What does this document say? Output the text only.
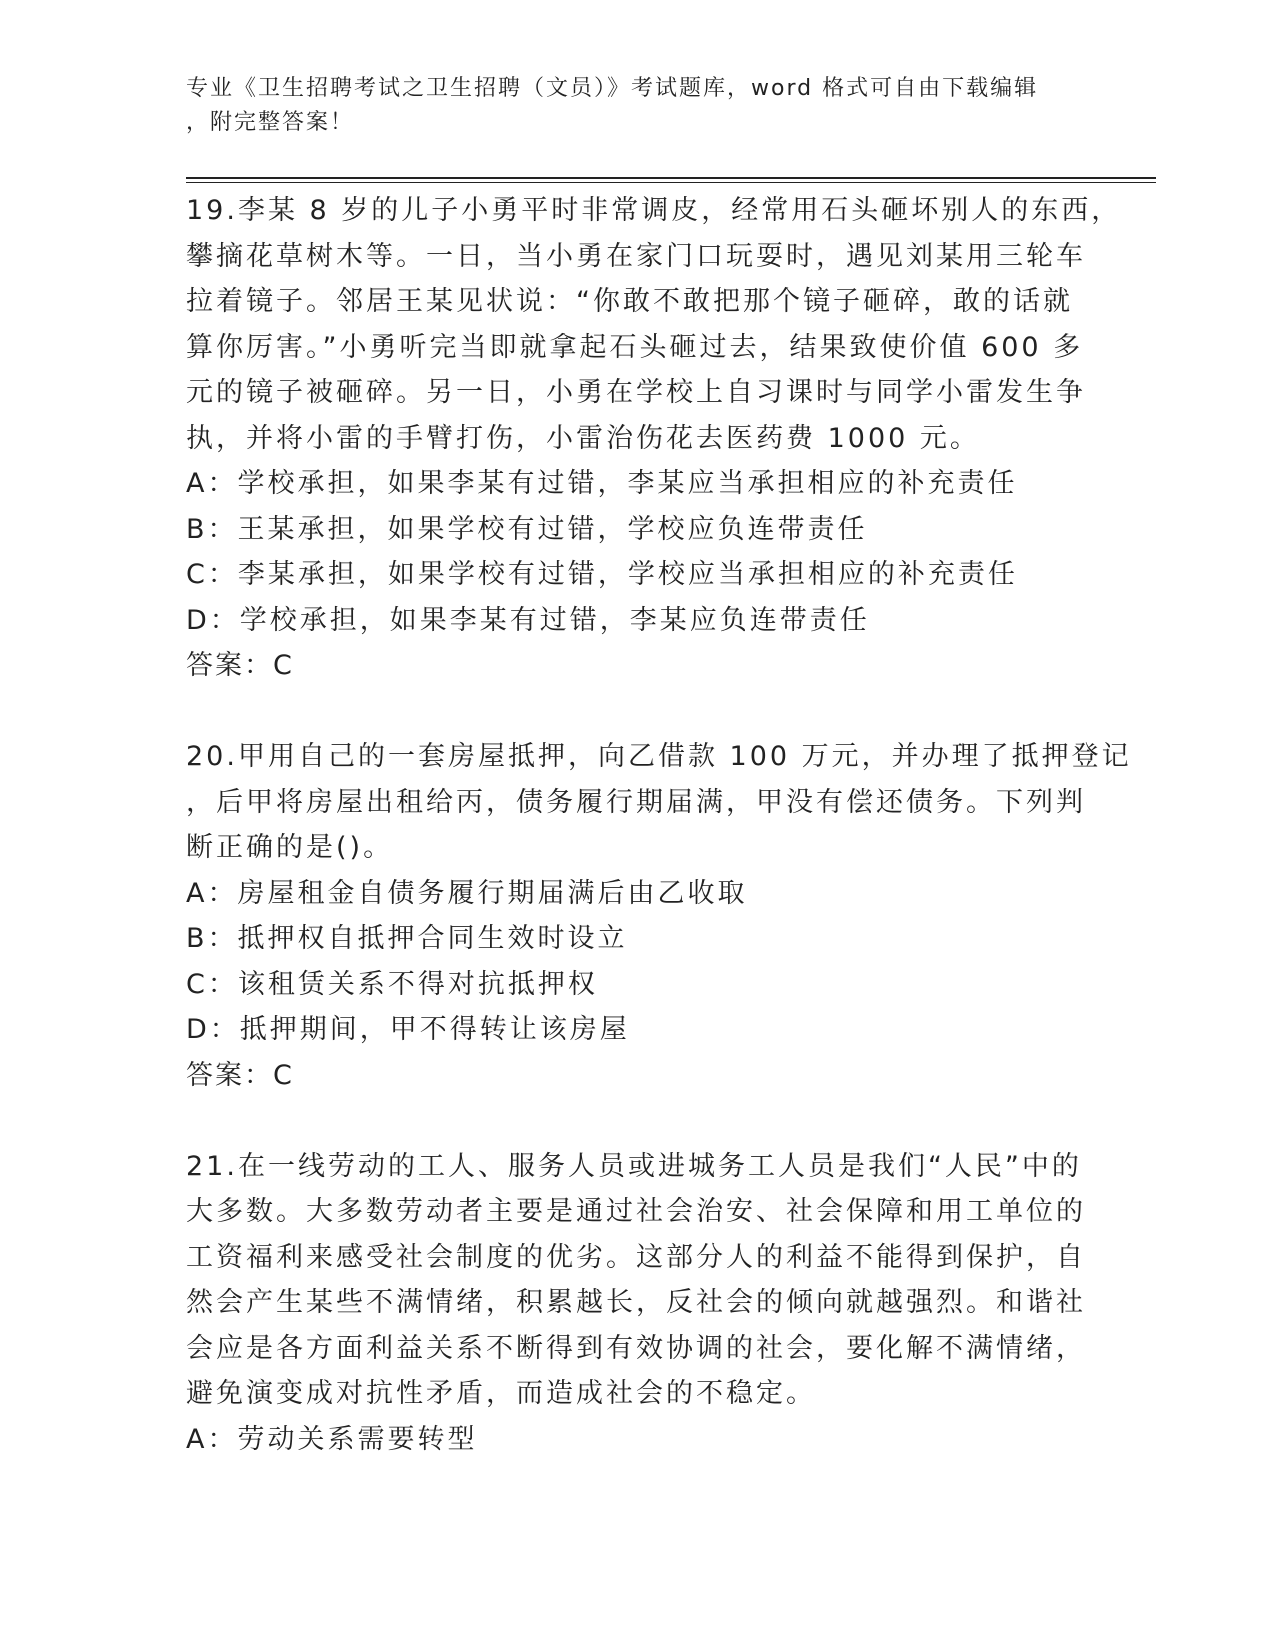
专业《卫生招聘考试之卫生招聘（文员）》考试题库，word 格式可自由下载编辑
，附完整答案！
19.李某 8 岁的儿子小勇平时非常调皮，经常用石头砸坏别人的东西，
攀摘花草树木等。一日，当小勇在家门口玩耍时，遇见刘某用三轮车
拉着镜子。邻居王某见状说：“你敢不敢把那个镜子砸碎，敢的话就
算你厉害。”小勇听完当即就拿起石头砸过去，结果致使价值 600 多
元的镜子被砸碎。另一日，小勇在学校上自习课时与同学小雷发生争
执，并将小雷的手臂打伤，小雷治伤花去医药费 1000 元。
A：学校承担，如果李某有过错，李某应当承担相应的补充责任
B：王某承担，如果学校有过错，学校应负连带责任
C：李某承担，如果学校有过错，学校应当承担相应的补充责任
D：学校承担，如果李某有过错，李某应负连带责任
答案：C
20.甲用自己的一套房屋抵押，向乙借款 100 万元，并办理了抵押登记
，后甲将房屋出租给丙，债务履行期届满，甲没有偿还债务。下列判
断正确的是()。
A：房屋租金自债务履行期届满后由乙收取
B：抵押权自抵押合同生效时设立
C：该租赁关系不得对抗抵押权
D：抵押期间，甲不得转让该房屋
答案：C
21.在一线劳动的工人、服务人员或进城务工人员是我们“人民”中的
大多数。大多数劳动者主要是通过社会治安、社会保障和用工单位的
工资福利来感受社会制度的优劣。这部分人的利益不能得到保护，自
然会产生某些不满情绪，积累越长，反社会的倾向就越强烈。和谐社
会应是各方面利益关系不断得到有效协调的社会，要化解不满情绪，
避免演变成对抗性矛盾，而造成社会的不稳定。
A：劳动关系需要转型
